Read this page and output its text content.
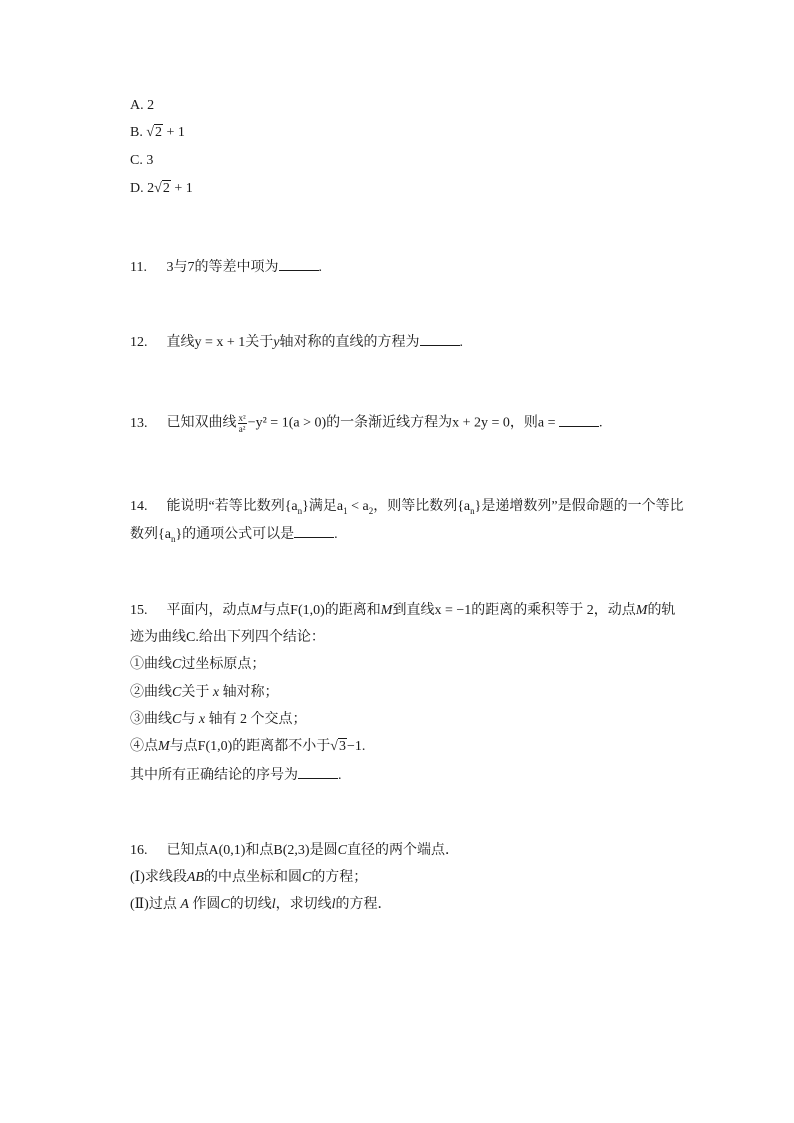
A. 2
B. √2 + 1
C. 3
D. 2√2 + 1
11. 3与7的等差中项为	.
12. 直线y = x + 1关于y轴对称的直线的方程为	.
13. 已知双曲线 $\frac{\text{x²}}{\text{a²}} -y^2 = 1(a > 0)$的一条渐近线方程为x + 2y = 0，则a =	.
14. 能说明“若等比数列$\{a_n\}$满足$a_1 < a_2$，则等比数列$\{a_n\}$是递增数列”是假命题的一个等比
数列$\{a_n\}$的通项公式可以是	.
15. 平面内，动点M与点F(1,0)的距离和M到直线x = −1的距离的乘积等于 2，动点M的轨
迹为曲线C.给出下列四个结论：
①曲线C过坐标原点；
②曲线C关于 x 轴对称；
③曲线C与 x 轴有 2 个交点；
④点M与点F(1,0)的距离都不小于√3−1.
其中所有正确结论的序号为	.
16. 已知点A(0,1)和点B(2,3)是圆C直径的两个端点．
(Ⅰ)求线段AB的中点坐标和圆C的方程；
(Ⅱ)过点 A 作圆C的切线l，求切线l的方程．
